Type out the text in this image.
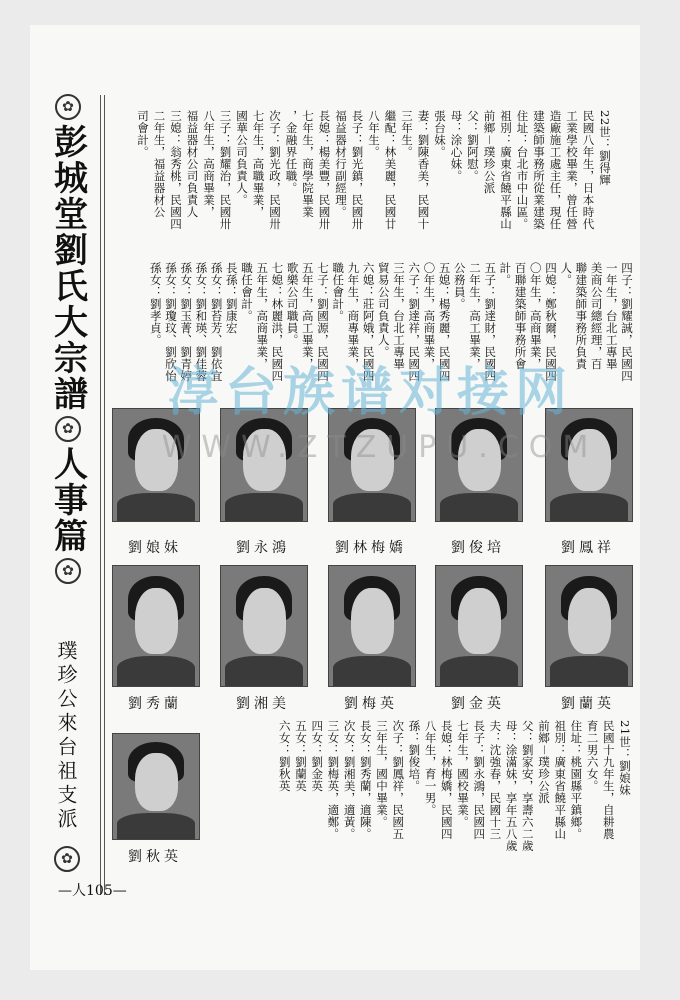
✿
彭城堂劉氏大宗譜
✿
人事篇
✿
璞珍公來台祖支派
✿
22世：劉得輝
民國八年生，日本時代
工業學校畢業，曾任營
造廠施工處主任，現任
建築師事務所從業建築
住址：台北市中山區。
祖別：廣東省饒平縣山
前鄉－璞珍公派
父：劉阿慰。
母：涂心妹。
張台妹。
妻：劉陳香美，民國十
三年生。
繼配：林美麗，民國廿
八年生。
長子：劉光鎮，民國卅
福益器材行副經理。
長媳：楊美豐，民國卅
七年生，商學院畢業
，金融界任職。
次子：劉光政，民國卅
七年生，高職畢業，
國華公司負責人。
三子：劉耀治，民國卅
八年生，高商畢業，
福益器材公司負責人
三媳：翁秀桃，民國四
二年生，福益器材公
司會計。
四子：劉耀誠，民國四
一年生，台北工專畢
美商公司總經理，百
聯建築師事務所負責
人。
四媳：鄭秋爾，民國四
〇年生，高商畢業，
百聯建築師事務所會
計。
五子：劉達財，民國四
二年生，高工畢業，
公務員。
五媳：楊秀麗，民國四
〇年生，高商畢業，
六子：劉達祥，民國四
三年生，台北工專畢
貿易公司負責人。
六媳：莊阿娥，民國四
九年生，商專畢業，
職任會計。
七子：劉國源，民國四
五年生，高工畢業，
歌樂公司職員。
七媳：林麗洪，民國四
五年生，高商畢業，
職任會計。
長孫：劉康宏
孫女：劉苔芳、劉依宜
孫女：劉和瑛、劉佳蓉
孫女：劉玉菁、劉青婷
孫女：劉瓊玟、劉欣怡
孫女：劉孝貞。
劉鳳祥
劉俊培
劉林梅嬌
劉永鴻
劉娘妹
劉蘭英
劉金英
劉梅英
劉湘美
劉秀蘭
劉秋英
21世：劉娘妹
民國十九年生，自耕農
育二男六女。
住址：桃園縣平鎮鄉。
祖別：廣東省饒平縣山
前鄉－璞珍公派
父：劉家安，享壽六二歲
母：涂滿妹，享年五八歲
夫：沈強春，民國十三
長子：劉永鴻，民國四
七年生，國校畢業。
長媳：林梅嬌，民國四
八年生，育一男。
孫：劉俊培。
次子：劉鳳祥，民國五
三年生，國中畢業。
長女：劉秀蘭，適陳。
次女：劉湘美，適黃。
三女：劉梅英，適鄭。
四女：劉金英
五女：劉蘭英
六女：劉秋英
淳台族谱对接网
WWW.ZTZUPU.COM
—人105—
